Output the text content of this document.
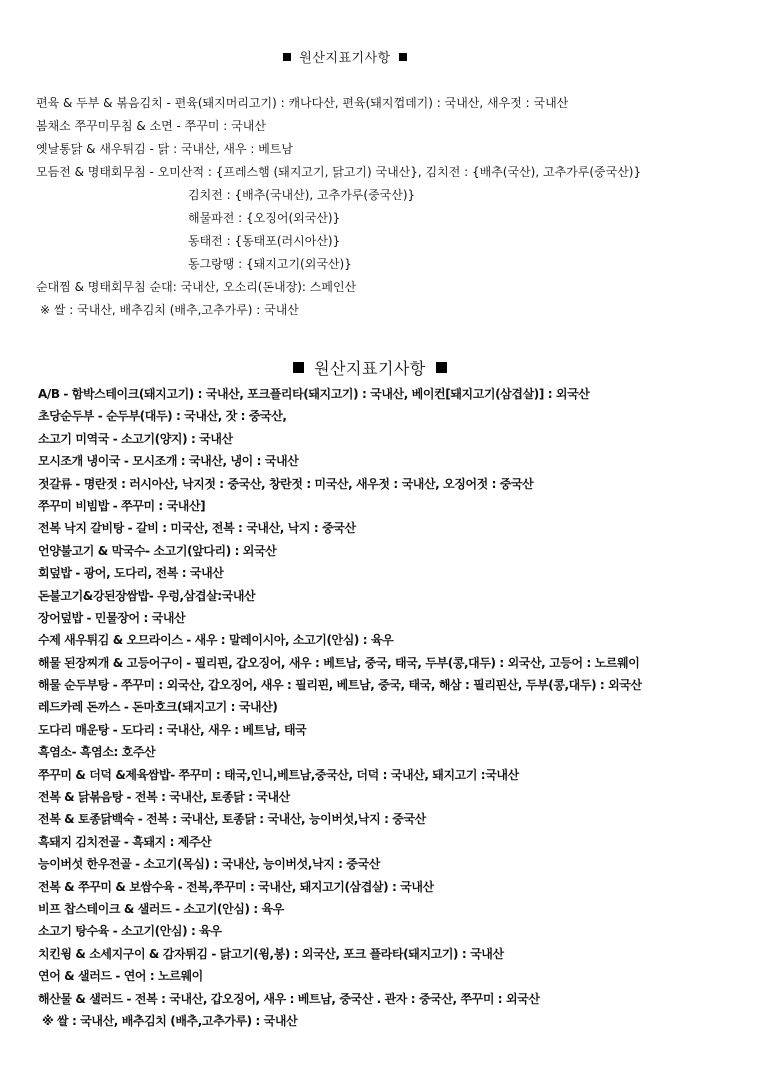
원산지표기사항
편육 & 두부 & 볶음김치 - 편육(돼지머리고기) : 캐나다산, 편육(돼지껍데기) : 국내산, 새우젓 : 국내산
봄채소 쭈꾸미무침 & 소면 - 쭈꾸미 : 국내산
옛날통닭 & 새우튀김 - 닭 : 국내산, 새우 : 베트남
모듬전 & 명태회무침 - 오미산적 : {프레스햄 (돼지고기, 닭고기) 국내산}, 김치전 : {배추(국산), 고추가루(중국산)}
김치전 : {배추(국내산), 고추가루(중국산)}
해물파전 : {오징어(외국산)}
동태전 : {동태포(러시아산)}
동그랑땡 : {돼지고기(외국산)}
순대찜 & 명태회무침 순대: 국내산, 오소리(돈내장): 스페인산
※ 쌀 : 국내산, 배추김치 (배추,고추가루) : 국내산
원산지표기사항
A/B - 함박스테이크(돼지고기) : 국내산, 포크플리타(돼지고기) : 국내산, 베이컨[돼지고기(삼겹살)] : 외국산
초당순두부 - 순두부(대두) : 국내산, 잣 : 중국산,
소고기 미역국 - 소고기(양지) : 국내산
모시조개 냉이국 - 모시조개 : 국내산, 냉이 : 국내산
젓갈류 - 명란젓 : 러시아산, 낙지젓 : 중국산, 창란젓 : 미국산, 새우젓 : 국내산, 오징어젓 : 중국산
쭈꾸미 비빔밥 - 쭈꾸미 : 국내산]
전복 낙지 갈비탕 - 갈비 : 미국산, 전복 : 국내산, 낙지 : 중국산
언양불고기 & 막국수- 소고기(앞다리) : 외국산
회덮밥 - 광어, 도다리, 전복 : 국내산
돈불고기&강된장쌈밥- 우렁,삼겹살:국내산
장어덮밥 - 민물장어 : 국내산
수제 새우튀김 & 오므라이스 - 새우 : 말레이시아, 소고기(안심) : 육우
해물 된장찌개 & 고등어구이 - 필리핀, 갑오징어, 새우 : 베트남, 중국, 태국, 두부(콩,대두) : 외국산, 고등어 : 노르웨이
해물 순두부탕 - 쭈꾸미 : 외국산, 갑오징어, 새우 : 필리핀, 베트남, 중국, 태국, 해삼 : 필리핀산, 두부(콩,대두) : 외국산
레드카레 돈까스 - 돈마호크(돼지고기 : 국내산)
도다리 매운탕 - 도다리 : 국내산, 새우 : 베트남, 태국
흑염소- 흑염소: 호주산
쭈꾸미 & 더덕 &제육쌈밥- 쭈꾸미 : 태국,인니,베트남,중국산, 더덕 : 국내산, 돼지고기 :국내산
전복 & 닭볶음탕 - 전복 : 국내산, 토종닭 : 국내산
전복 & 토종닭백숙 - 전복 : 국내산, 토종닭 : 국내산, 능이버섯,낙지 : 중국산
흑돼지 김치전골 - 흑돼지 : 제주산
능이버섯 한우전골 - 소고기(목심) : 국내산, 능이버섯,낙지 : 중국산
전복 & 쭈꾸미 & 보쌈수육 - 전복,쭈꾸미 : 국내산, 돼지고기(삼겹살) : 국내산
비프 찹스테이크 & 샐러드 - 소고기(안심) : 육우
소고기 탕수육 - 소고기(안심) : 육우
치킨윙 & 소세지구이 & 감자튀김 - 닭고기(윙,봉) : 외국산, 포크 플라타(돼지고기) : 국내산
연어 & 샐러드 - 연어 : 노르웨이
해산물 & 샐러드 - 전복 : 국내산, 갑오징어, 새우 : 베트남, 중국산 . 관자 : 중국산, 쭈꾸미 : 외국산
※ 쌀 : 국내산, 배추김치 (배추,고추가루) : 국내산
